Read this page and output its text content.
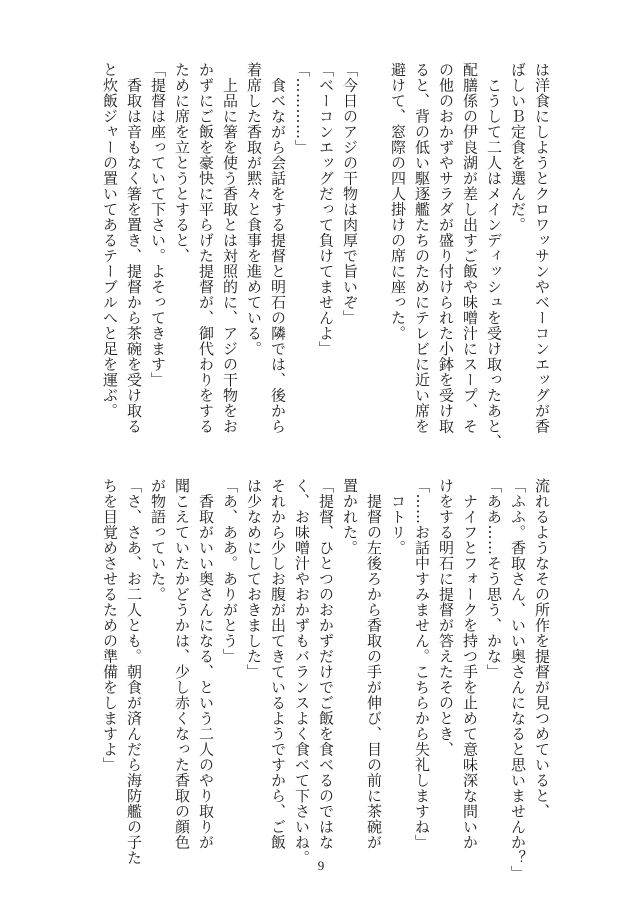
は洋食にしようとクロワッサンやベーコンエッグが香
ばしいＢ定食を選んだ。
　こうして二人はメインディッシュを受け取ったあと、
配膳係の伊良湖が差し出すご飯や味噌汁にスープ、そ
の他のおかずやサラダが盛り付けられた小鉢を受け取
ると、背の低い駆逐艦たちのためにテレビに近い席を
避けて、窓際の四人掛けの席に座った。

「今日のアジの干物は肉厚で旨いぞ」
「ベーコンエッグだって負けてませんよ」
「…………」
　食べながら会話をする提督と明石の隣では、後から
着席した香取が黙々と食事を進めている。
　上品に箸を使う香取とは対照的に、アジの干物をお
かずにご飯を豪快に平らげた提督が、御代わりをする
ために席を立とうとすると、
「提督は座っていて下さい。よそってきます」
　香取は音もなく箸を置き、提督から茶碗を受け取る
と炊飯ジャーの置いてあるテーブルへと足を運ぶ。
流れるようなその所作を提督が見つめていると、
「ふふ。香取さん、いい奥さんになると思いませんか？」
「ああ……そう思う、かな」
　ナイフとフォークを持つ手を止めて意味深な問いか
けをする明石に提督が答えたそのとき、
「……お話中すみません。こちらから失礼しますね」
　コトリ。
　提督の左後ろから香取の手が伸び、目の前に茶碗が
置かれた。
「提督、ひとつのおかずだけでご飯を食べるのではな
く、お味噌汁やおかずもバランスよく食べて下さいね。
それから少しお腹が出てきているようですから、ご飯
は少なめにしておきました」
「あ、ああ。ありがとう」
　香取がいい奥さんになる、という二人のやり取りが
聞こえていたかどうかは、少し赤くなった香取の顔色
が物語っていた。
「さ、さあ、お二人とも。朝食が済んだら海防艦の子た
ちを目覚めさせるための準備をしますよ」
9
